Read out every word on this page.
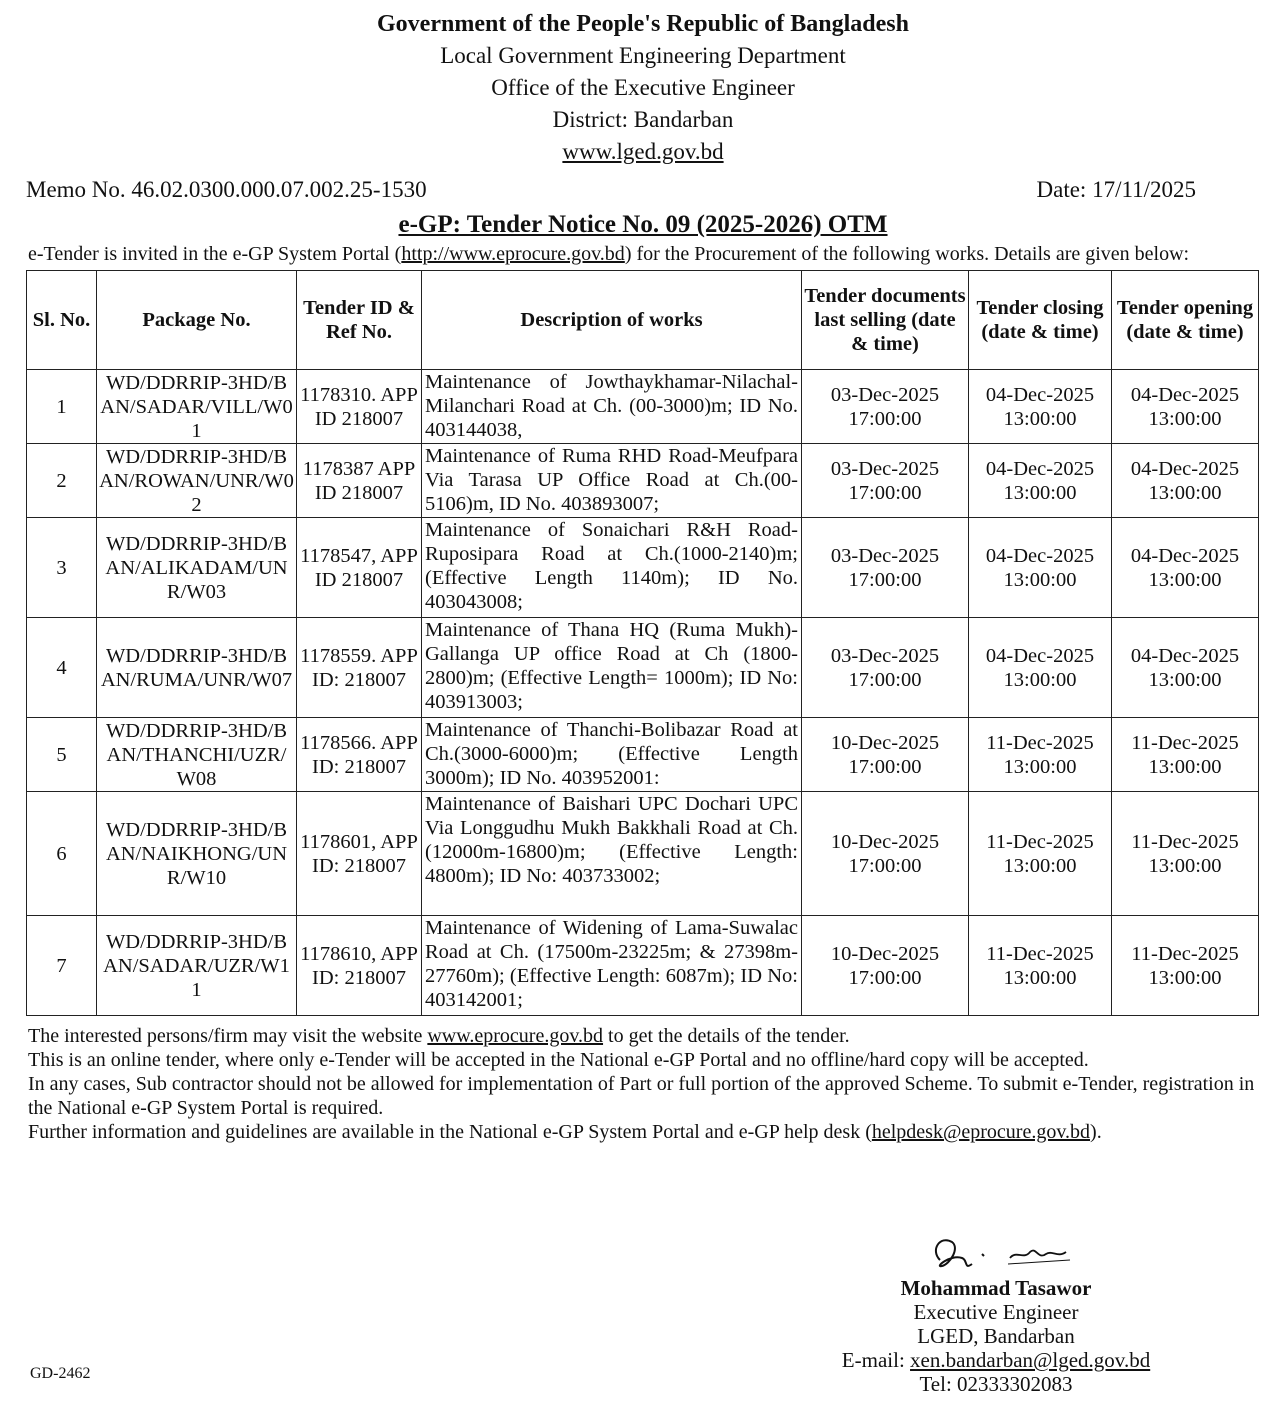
Government of the People's Republic of Bangladesh
Local Government Engineering Department
Office of the Executive Engineer
District: Bandarban
www.lged.gov.bd
Memo No. 46.02.0300.000.07.002.25-1530	Date: 17/11/2025
e-GP: Tender Notice No. 09 (2025-2026) OTM
e-Tender is invited in the e-GP System Portal (http://www.eprocure.gov.bd) for the Procurement of the following works. Details are given below:
Sl. No.	Package No.	Tender ID & Ref No.	Description of works	Tender documents last selling (date & time)	Tender closing (date & time)	Tender opening (date & time)
1	WD/DDRRIP-3HD/BAN/SADAR/VILL/W01	1178310. APP ID 218007	Maintenance of Jowthaykhamar-Nilachal-Milanchari Road at Ch. (00-3000)m; ID No. 403144038,	03-Dec-2025 17:00:00	04-Dec-2025 13:00:00	04-Dec-2025 13:00:00
2	WD/DDRRIP-3HD/BAN/ROWAN/UNR/W02	1178387 APP ID 218007	Maintenance of Ruma RHD Road-Meufpara Via Tarasa UP Office Road at Ch.(00-5106)m, ID No. 403893007;	03-Dec-2025 17:00:00	04-Dec-2025 13:00:00	04-Dec-2025 13:00:00
3	WD/DDRRIP-3HD/BAN/ALIKADAM/UNR/W03	1178547, APP ID 218007	Maintenance of Sonaichari R&H Road-Ruposipara Road at Ch.(1000-2140)m; (Effective Length 1140m); ID No. 403043008;	03-Dec-2025 17:00:00	04-Dec-2025 13:00:00	04-Dec-2025 13:00:00
4	WD/DDRRIP-3HD/BAN/RUMA/UNR/W07	1178559. APP ID: 218007	Maintenance of Thana HQ (Ruma Mukh)-Gallanga UP office Road at Ch (1800-2800)m; (Effective Length= 1000m); ID No: 403913003;	03-Dec-2025 17:00:00	04-Dec-2025 13:00:00	04-Dec-2025 13:00:00
5	WD/DDRRIP-3HD/BAN/THANCHI/UZR/W08	1178566. APP ID: 218007	Maintenance of Thanchi-Bolibazar Road at Ch.(3000-6000)m; (Effective Length 3000m); ID No. 403952001:	10-Dec-2025 17:00:00	11-Dec-2025 13:00:00	11-Dec-2025 13:00:00
6	WD/DDRRIP-3HD/BAN/NAIKHONG/UNR/W10	1178601, APP ID: 218007	Maintenance of Baishari UPC Dochari UPC Via Longgudhu Mukh Bakkhali Road at Ch. (12000m-16800)m; (Effective Length: 4800m); ID No: 403733002;	10-Dec-2025 17:00:00	11-Dec-2025 13:00:00	11-Dec-2025 13:00:00
7	WD/DDRRIP-3HD/BAN/SADAR/UZR/W11	1178610, APP ID: 218007	Maintenance of Widening of Lama-Suwalac Road at Ch. (17500m-23225m; & 27398m-27760m); (Effective Length: 6087m); ID No: 403142001;	10-Dec-2025 17:00:00	11-Dec-2025 13:00:00	11-Dec-2025 13:00:00
The interested persons/firm may visit the website www.eprocure.gov.bd to get the details of the tender.
This is an online tender, where only e-Tender will be accepted in the National e-GP Portal and no offline/hard copy will be accepted.
In any cases, Sub contractor should not be allowed for implementation of Part or full portion of the approved Scheme. To submit e-Tender, registration in the National e-GP System Portal is required.
Further information and guidelines are available in the National e-GP System Portal and e-GP help desk (helpdesk@eprocure.gov.bd).
Mohammad Tasawor
Executive Engineer
LGED, Bandarban
E-mail: xen.bandarban@lged.gov.bd
Tel: 02333302083
GD-2462
